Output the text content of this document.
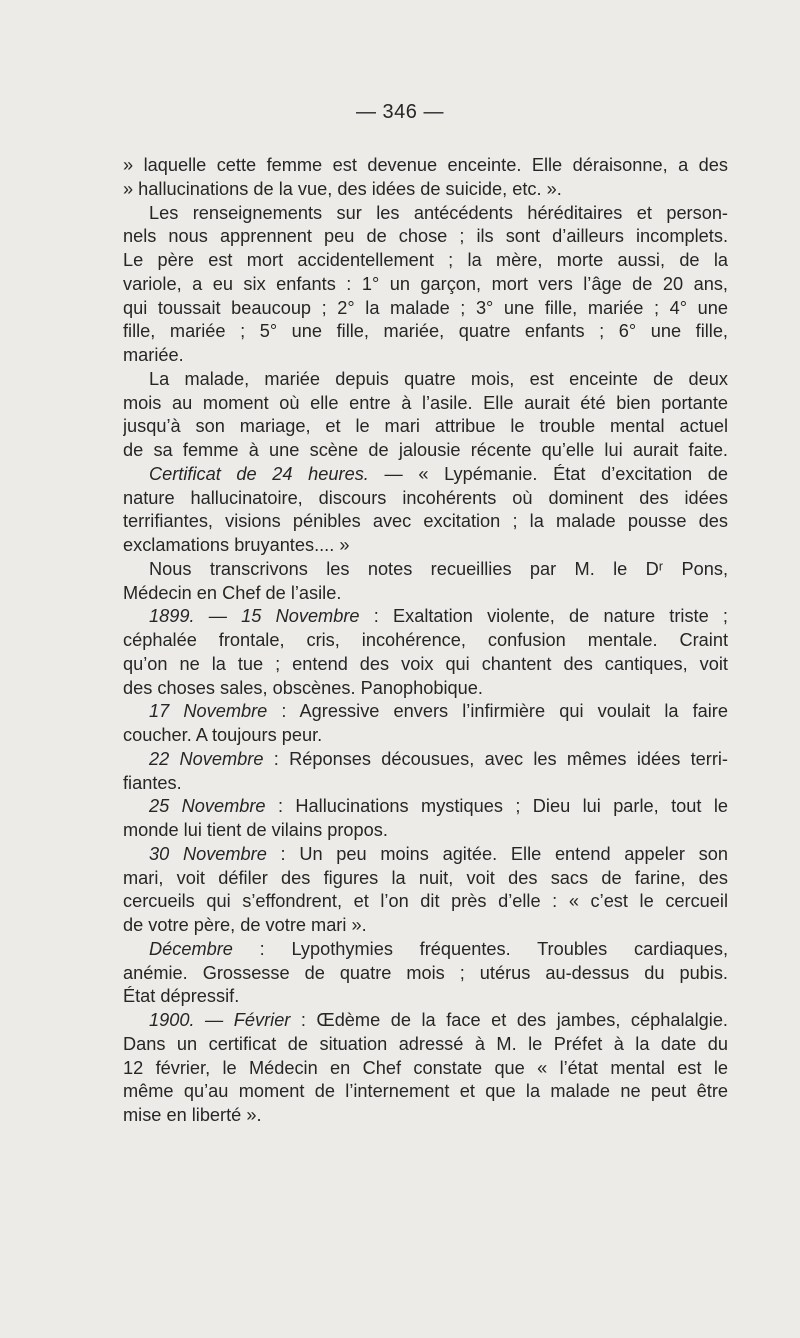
— 346 —
» laquelle cette femme est devenue enceinte. Elle déraisonne, a des
» hallucinations de la vue, des idées de suicide, etc. ».
Les renseignements sur les antécédents héréditaires et person-
nels nous apprennent peu de chose ; ils sont d’ailleurs incomplets.
Le père est mort accidentellement ; la mère, morte aussi, de la
variole, a eu six enfants : 1° un garçon, mort vers l’âge de 20 ans,
qui toussait beaucoup ; 2° la malade ; 3° une fille, mariée ; 4° une
fille, mariée ; 5° une fille, mariée, quatre enfants ; 6° une fille,
mariée.
La malade, mariée depuis quatre mois, est enceinte de deux
mois au moment où elle entre à l’asile. Elle aurait été bien portante
jusqu’à son mariage, et le mari attribue le trouble mental actuel
de sa femme à une scène de jalousie récente qu’elle lui aurait faite.
Certificat de 24 heures. — « Lypémanie. État d’excitation de
nature hallucinatoire, discours incohérents où dominent des idées
terrifiantes, visions pénibles avec excitation ; la malade pousse des
exclamations bruyantes.... »
Nous transcrivons les notes recueillies par M. le Dʳ Pons,
Médecin en Chef de l’asile.
1899. — 15 Novembre : Exaltation violente, de nature triste ;
céphalée frontale, cris, incohérence, confusion mentale. Craint
qu’on ne la tue ; entend des voix qui chantent des cantiques, voit
des choses sales, obscènes. Panophobique.
17 Novembre : Agressive envers l’infirmière qui voulait la faire
coucher. A toujours peur.
22 Novembre : Réponses décousues, avec les mêmes idées terri-
fiantes.
25 Novembre : Hallucinations mystiques ; Dieu lui parle, tout le
monde lui tient de vilains propos.
30 Novembre : Un peu moins agitée. Elle entend appeler son
mari, voit défiler des figures la nuit, voit des sacs de farine, des
cercueils qui s’effondrent, et l’on dit près d’elle : « c’est le cercueil
de votre père, de votre mari ».
Décembre : Lypothymies fréquentes. Troubles cardiaques,
anémie. Grossesse de quatre mois ; utérus au-dessus du pubis.
État dépressif.
1900. — Février : Œdème de la face et des jambes, céphalalgie.
Dans un certificat de situation adressé à M. le Préfet à la date du
12 février, le Médecin en Chef constate que « l’état mental est le
même qu’au moment de l’internement et que la malade ne peut être
mise en liberté ».
